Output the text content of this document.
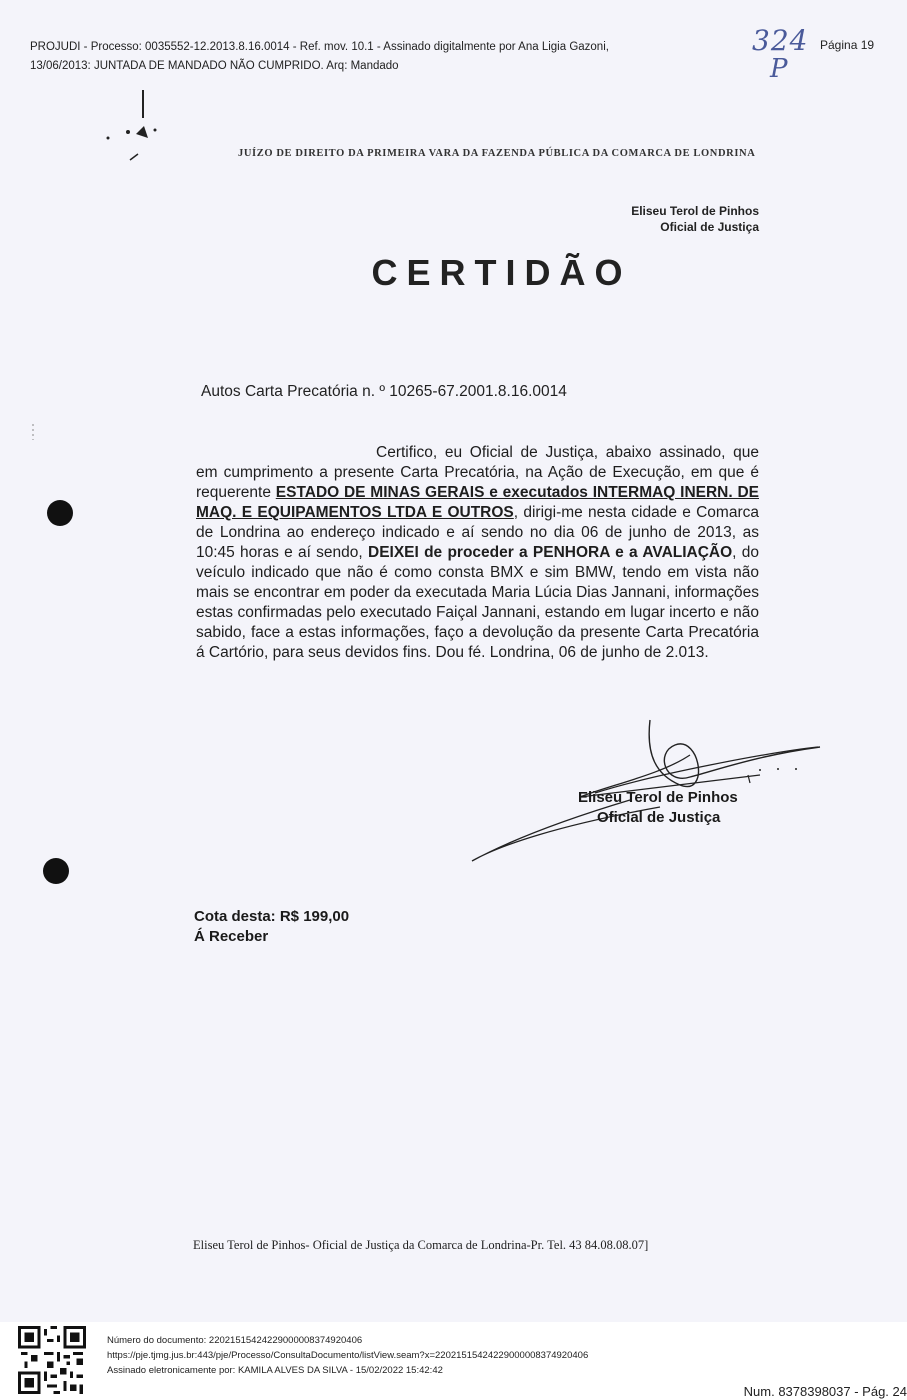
PROJUDI - Processo: 0035552-12.2013.8.16.0014 - Ref. mov. 10.1 - Assinado digitalmente por Ana Ligia Gazoni,
13/06/2013: JUNTADA DE MANDADO NÃO CUMPRIDO. Arq: Mandado
324
P
Página 19
JUÍZO DE DIREITO DA PRIMEIRA VARA DA FAZENDA PÚBLICA DA COMARCA DE LONDRINA
Eliseu Terol de Pinhos
Oficial de Justiça
CERTIDÃO
Autos Carta Precatória n. º 10265-67.2001.8.16.0014
Certifico, eu Oficial de Justiça, abaixo assinado, que em cumprimento a presente Carta Precatória, na Ação de Execução, em que é requerente ESTADO DE MINAS GERAIS e executados INTERMAQ INERN. DE MAQ. E EQUIPAMENTOS LTDA E OUTROS, dirigi-me nesta cidade e Comarca de Londrina ao endereço indicado e aí sendo no dia 06 de junho de 2013, as 10:45 horas e aí sendo, DEIXEI de proceder a PENHORA e a AVALIAÇÃO, do veículo indicado que não é como consta BMX e sim BMW, tendo em vista não mais se encontrar em poder da executada Maria Lúcia Dias Jannani, informações estas confirmadas pelo executado Faiçal Jannani, estando em lugar incerto e não sabido, face a estas informações, faço a devolução da presente Carta Precatória á Cartório, para seus devidos fins. Dou fé. Londrina, 06 de junho de 2.013.
Eliseu Terol de Pinhos
Oficial de Justiça
Cota desta: R$ 199,00
Á Receber
Eliseu Terol de Pinhos- Oficial de Justiça da Comarca de Londrina-Pr. Tel. 43 84.08.08.07]
Número do documento: 22021515424229000008374920406
https://pje.tjmg.jus.br:443/pje/Processo/ConsultaDocumento/listView.seam?x=22021515424229000008374920406
Assinado eletronicamente por: KAMILA ALVES DA SILVA - 15/02/2022 15:42:42
Num. 8378398037 - Pág. 24
